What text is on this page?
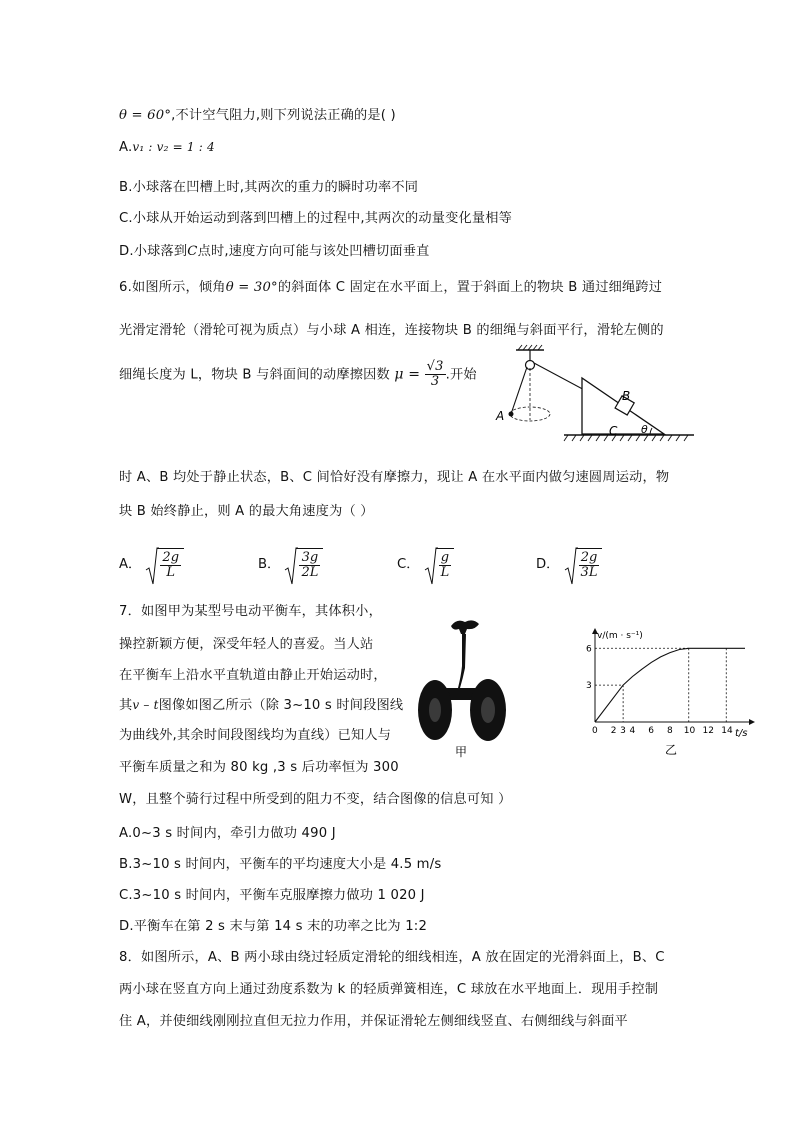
θ = 60°,不计空气阻力,则下列说法正确的是( )
A.v₁ : v₂ = 1 : 4
B.小球落在凹槽上时,其两次的重力的瞬时功率不同
C.小球从开始运动到落到凹槽上的过程中,其两次的动量变化量相等
D.小球落到C点时,速度方向可能与该处凹槽切面垂直
6.如图所示，倾角θ = 30°的斜面体 C 固定在水平面上，置于斜面上的物块 B 通过细绳跨过
光滑定滑轮（滑轮可视为质点）与小球 A 相连，连接物块 B 的细绳与斜面平行，滑轮左侧的
细绳长度为 L，物块 B 与斜面间的动摩擦因数 $\mu = \frac{√3}{3}$ .开始
A
B
C θ
时 A、B 均处于静止状态，B、C 间恰好没有摩擦力，现让 A 在水平面内做匀速圆周运动，物
块 B 始终静止，则 A 的最大角速度为（ ）
A． $\frac{2g}{L}$	B． $\frac{3g}{2L}$	C． $\frac{g}{L}$	D． $\frac{2g}{3L}$
7．如图甲为某型号电动平衡车，其体积小，
操控新颖方便，深受年轻人的喜爱。当人站
在平衡车上沿水平直轨道由静止开始运动时，
其v – t图像如图乙所示（除 3~10 s 时间段图线
为曲线外,其余时间段图线均为直线）已知人与
平衡车质量之和为 80 kg ,3 s 后功率恒为 300
W，且整个骑行过程中所受到的阻力不变，结合图像的信息可知 ）
甲
0 2 3 4 6 8 10 12 14
3
6
v/(m · s⁻¹)
t/s
乙
A.0~3 s 时间内，牵引力做功 490 J
B.3~10 s 时间内，平衡车的平均速度大小是 4.5 m/s
C.3~10 s 时间内，平衡车克服摩擦力做功 1 020 J
D.平衡车在第 2 s 末与第 14 s 末的功率之比为 1:2
8．如图所示，A、B 两小球由绕过轻质定滑轮的细线相连，A 放在固定的光滑斜面上，B、C
两小球在竖直方向上通过劲度系数为 k 的轻质弹簧相连，C 球放在水平地面上．现用手控制
住 A，并使细线刚刚拉直但无拉力作用，并保证滑轮左侧细线竖直、右侧细线与斜面平
